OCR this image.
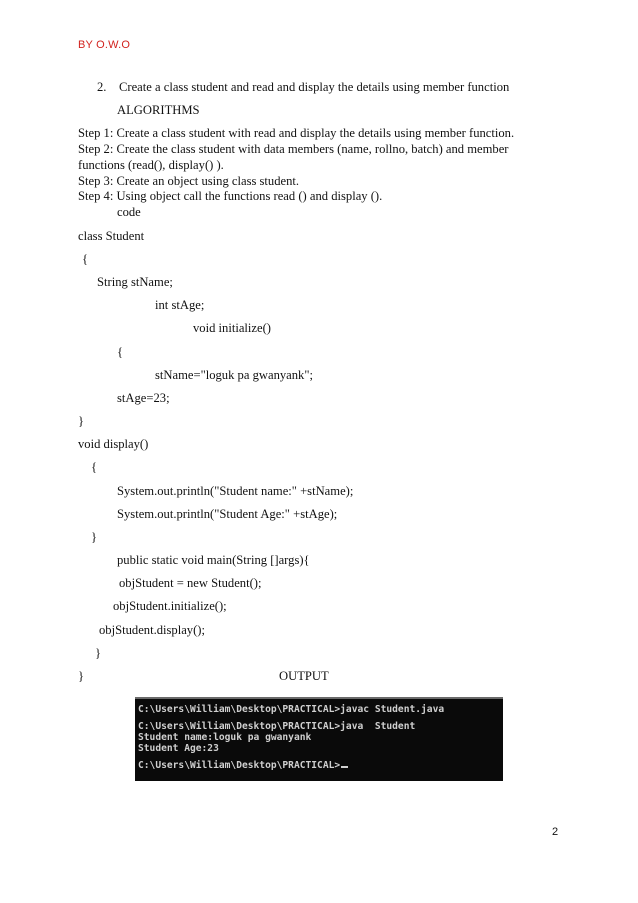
BY O.W.O
2. Create a class student and read and display the details using member function
ALGORITHMS
Step 1: Create a class student with read and display the details using member function.
Step 2: Create the class student with data members (name, rollno, batch) and member
functions (read(), display() ).
Step 3: Create an object using class student.
Step 4: Using object call the functions read () and display ().
code
class Student
{
String stName;
int stAge;
void initialize()
{
stName="loguk pa gwanyank";
stAge=23;
}
void display()
{
System.out.println("Student name:" +stName);
System.out.println("Student Age:" +stAge);
}
public static void main(String []args){
objStudent = new Student();
objStudent.initialize();
objStudent.display();
}
}	OUTPUT
C:\Users\William\Desktop\PRACTICAL>javac Student.java
C:\Users\William\Desktop\PRACTICAL>java  Student
Student name:loguk pa gwanyank
Student Age:23
C:\Users\William\Desktop\PRACTICAL>
2
